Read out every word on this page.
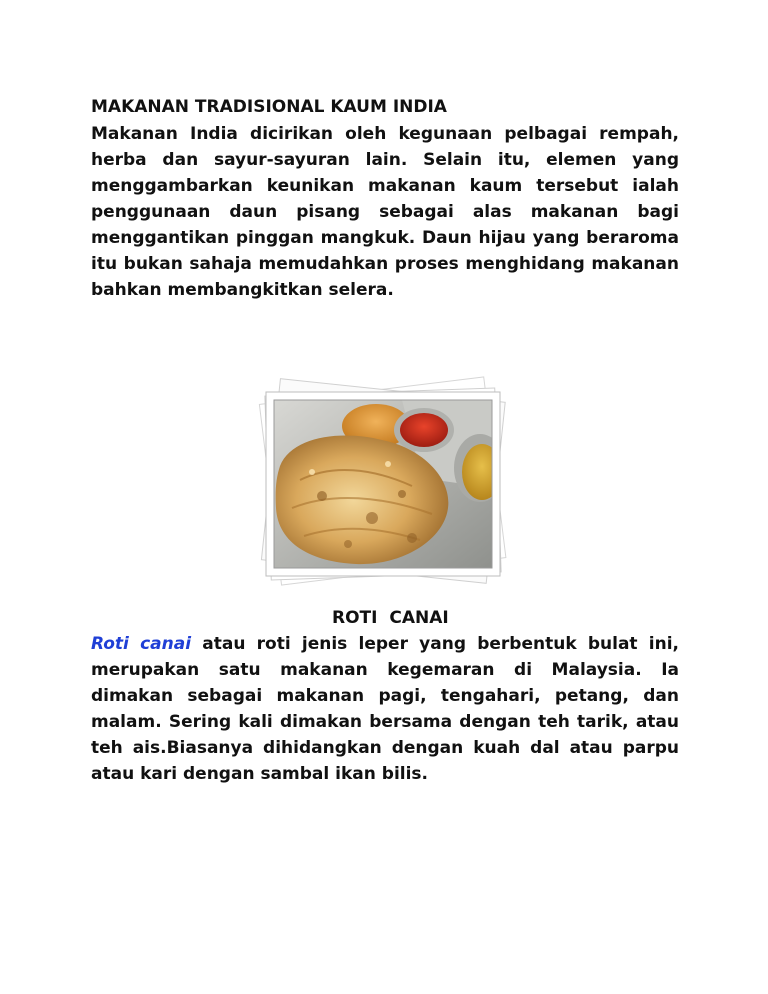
MAKANAN TRADISIONAL KAUM INDIA

Makanan India dicirikan oleh kegunaan pelbagai rempah, herba dan sayur-sayuran lain. Selain itu, elemen yang menggambarkan keunikan makanan kaum tersebut ialah penggunaan daun pisang sebagai alas makanan bagi menggantikan pinggan mangkuk. Daun hijau yang beraroma itu bukan sahaja memudahkan proses menghidang makanan bahkan membangkitkan selera.

ROTI CANAI

Roti canai atau roti jenis leper yang berbentuk bulat ini, merupakan satu makanan kegemaran di Malaysia. Ia dimakan sebagai makanan pagi, tengahari, petang, dan malam. Sering kali dimakan bersama dengan teh tarik, atau teh ais.Biasanya dihidangkan dengan kuah dal atau parpu atau kari dengan sambal ikan bilis.
